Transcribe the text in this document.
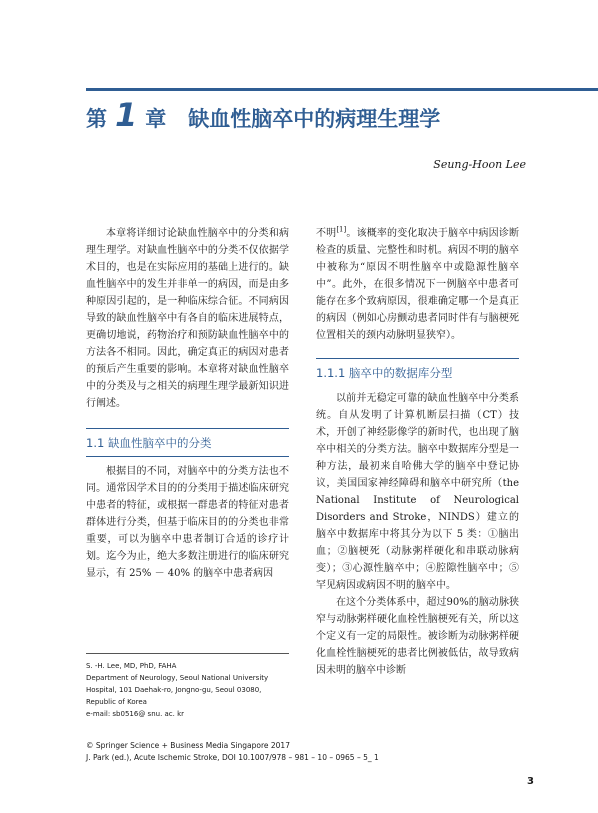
第 1 章 缺血性脑卒中的病理生理学
Seung-Hoon Lee

本章将详细讨论缺血性脑卒中的分类和病理生理学。对缺血性脑卒中的分类不仅依据学术目的，也是在实际应用的基础上进行的。缺血性脑卒中的发生并非单一的病因，而是由多种原因引起的，是一种临床综合征。不同病因导致的缺血性脑卒中有各自的临床进展特点，更确切地说，药物治疗和预防缺血性脑卒中的方法各不相同。因此，确定真正的病因对患者的预后产生重要的影响。本章将对缺血性脑卒中的分类及与之相关的病理生理学最新知识进行阐述。

1.1 缺血性脑卒中的分类

根据目的不同，对脑卒中的分类方法也不同。通常因学术目的的分类用于描述临床研究中患者的特征，或根据一群患者的特征对患者群体进行分类，但基于临床目的的分类也非常重要，可以为脑卒中患者制订合适的诊疗计划。迄今为止，绝大多数注册进行的临床研究显示，有 25% － 40% 的脑卒中患者病因

不明[1]。该概率的变化取决于脑卒中病因诊断检查的质量、完整性和时机。病因不明的脑卒中被称为“原因不明性脑卒中或隐源性脑卒中”。此外，在很多情况下一例脑卒中患者可能存在多个致病原因，很难确定哪一个是真正的病因（例如心房颤动患者同时伴有与脑梗死位置相关的颈内动脉明显狭窄）。

1.1.1 脑卒中的数据库分型

以前并无稳定可靠的缺血性脑卒中分类系统。自从发明了计算机断层扫描（CT）技术，开创了神经影像学的新时代，也出现了脑卒中相关的分类方法。脑卒中数据库分型是一种方法，最初来自哈佛大学的脑卒中登记协议，美国国家神经障碍和脑卒中研究所（the National Institute of Neurological Disorders and Stroke，NINDS）建立的脑卒中数据库中将其分为以下 5 类：①脑出血；②脑梗死（动脉粥样硬化和串联动脉病变）；③心源性脑卒中；④腔隙性脑卒中；⑤罕见病因或病因不明的脑卒中。

在这个分类体系中，超过90%的脑动脉狭窄与动脉粥样硬化血栓性脑梗死有关，所以这个定义有一定的局限性。被诊断为动脉粥样硬化血栓性脑梗死的患者比例被低估，故导致病因未明的脑卒中诊断

S. -H. Lee, MD, PhD, FAHA
Department of Neurology, Seoul National University
Hospital, 101 Daehak-ro, Jongno-gu, Seoul 03080,
Republic of Korea
e-mail: sb0516@ snu. ac. kr
© Springer Science + Business Media Singapore 2017
J. Park (ed.), Acute Ischemic Stroke, DOI 10.1007/978 – 981 – 10 – 0965 – 5_ 1
3
